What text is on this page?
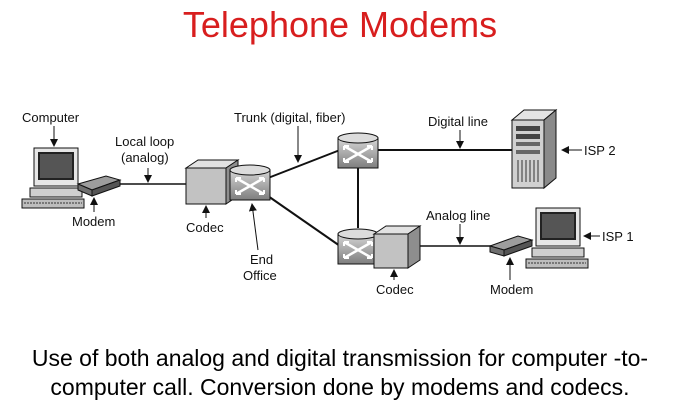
Telephone Modems
Computer
Local loop
(analog)
Modem	Codec
Trunk (digital, fiber)
End
Office
Digital line
ISP 2
Analog line
ISP 1
Codec	Modem
Use of both analog and digital transmission for computer -to-
computer call. Conversion done by modems and codecs.
